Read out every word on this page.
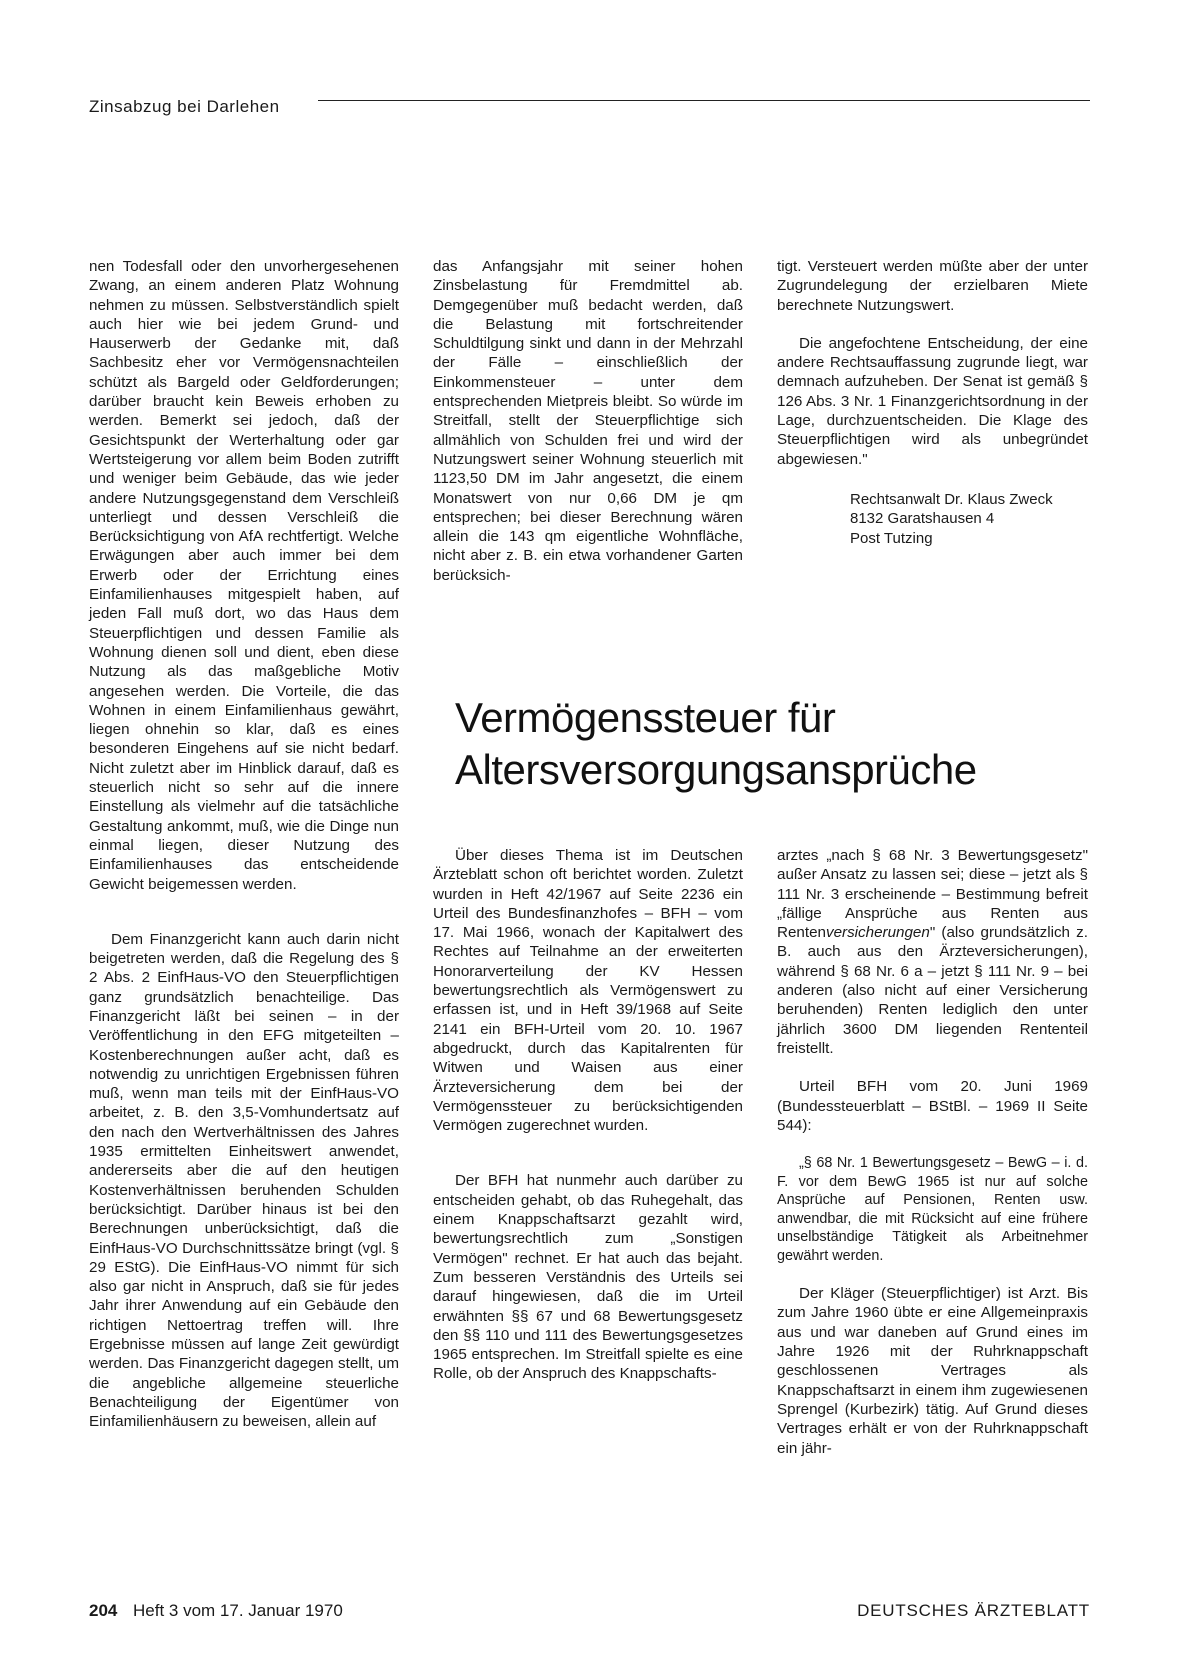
Zinsabzug bei Darlehen

nen Todesfall oder den unvorhergesehenen Zwang, an einem anderen Platz Wohnung nehmen zu müssen. Selbstverständlich spielt auch hier wie bei jedem Grund- und Hauserwerb der Gedanke mit, daß Sachbesitz eher vor Vermögensnachteilen schützt als Bargeld oder Geldforderungen; darüber braucht kein Beweis erhoben zu werden. Bemerkt sei jedoch, daß der Gesichtspunkt der Werterhaltung oder gar Wertsteigerung vor allem beim Boden zutrifft und weniger beim Gebäude, das wie jeder andere Nutzungsgegenstand dem Verschleiß unterliegt und dessen Verschleiß die Berücksichtigung von AfA rechtfertigt. Welche Erwägungen aber auch immer bei dem Erwerb oder der Errichtung eines Einfamilienhauses mitgespielt haben, auf jeden Fall muß dort, wo das Haus dem Steuerpflichtigen und dessen Familie als Wohnung dienen soll und dient, eben diese Nutzung als das maßgebliche Motiv angesehen werden. Die Vorteile, die das Wohnen in einem Einfamilienhaus gewährt, liegen ohnehin so klar, daß es eines besonderen Eingehens auf sie nicht bedarf. Nicht zuletzt aber im Hinblick darauf, daß es steuerlich nicht so sehr auf die innere Einstellung als vielmehr auf die tatsächliche Gestaltung ankommt, muß, wie die Dinge nun einmal liegen, dieser Nutzung des Einfamilienhauses das entscheidende Gewicht beigemessen werden.

Dem Finanzgericht kann auch darin nicht beigetreten werden, daß die Regelung des § 2 Abs. 2 EinfHaus-VO den Steuerpflichtigen ganz grundsätzlich benachteilige. Das Finanzgericht läßt bei seinen – in der Veröffentlichung in den EFG mitgeteilten – Kostenberechnungen außer acht, daß es notwendig zu unrichtigen Ergebnissen führen muß, wenn man teils mit der EinfHaus-VO arbeitet, z. B. den 3,5-Vomhundertsatz auf den nach den Wertverhältnissen des Jahres 1935 ermittelten Einheitswert anwendet, andererseits aber die auf den heutigen Kostenverhältnissen beruhenden Schulden berücksichtigt. Darüber hinaus ist bei den Berechnungen unberücksichtigt, daß die EinfHaus-VO Durchschnittssätze bringt (vgl. § 29 EStG). Die EinfHaus-VO nimmt für sich also gar nicht in Anspruch, daß sie für jedes Jahr ihrer Anwendung auf ein Gebäude den richtigen Nettoertrag treffen will. Ihre Ergebnisse müssen auf lange Zeit gewürdigt werden. Das Finanzgericht dagegen stellt, um die angebliche allgemeine steuerliche Benachteiligung der Eigentümer von Einfamilienhäusern zu beweisen, allein auf

das Anfangsjahr mit seiner hohen Zinsbelastung für Fremdmittel ab. Demgegenüber muß bedacht werden, daß die Belastung mit fortschreitender Schuldtilgung sinkt und dann in der Mehrzahl der Fälle – einschließlich der Einkommensteuer – unter dem entsprechenden Mietpreis bleibt. So würde im Streitfall, stellt der Steuerpflichtige sich allmählich von Schulden frei und wird der Nutzungswert seiner Wohnung steuerlich mit 1123,50 DM im Jahr angesetzt, die einem Monatswert von nur 0,66 DM je qm entsprechen; bei dieser Berechnung wären allein die 143 qm eigentliche Wohnfläche, nicht aber z. B. ein etwa vorhandener Garten berücksich-

tigt. Versteuert werden müßte aber der unter Zugrundelegung der erzielbaren Miete berechnete Nutzungswert.

Die angefochtene Entscheidung, der eine andere Rechtsauffassung zugrunde liegt, war demnach aufzuheben. Der Senat ist gemäß § 126 Abs. 3 Nr. 1 Finanzgerichtsordnung in der Lage, durchzuentscheiden. Die Klage des Steuerpflichtigen wird als unbegründet abgewiesen."

Rechtsanwalt Dr. Klaus Zweck
8132 Garatshausen 4
Post Tutzing
Vermögenssteuer für
Altersversorgungsansprüche

Über dieses Thema ist im Deutschen Ärzteblatt schon oft berichtet worden. Zuletzt wurden in Heft 42/1967 auf Seite 2236 ein Urteil des Bundesfinanzhofes – BFH – vom 17. Mai 1966, wonach der Kapitalwert des Rechtes auf Teilnahme an der erweiterten Honorarverteilung der KV Hessen bewertungsrechtlich als Vermögenswert zu erfassen ist, und in Heft 39/1968 auf Seite 2141 ein BFH-Urteil vom 20. 10. 1967 abgedruckt, durch das Kapitalrenten für Witwen und Waisen aus einer Ärzteversicherung dem bei der Vermögenssteuer zu berücksichtigenden Vermögen zugerechnet wurden.

Der BFH hat nunmehr auch darüber zu entscheiden gehabt, ob das Ruhegehalt, das einem Knappschaftsarzt gezahlt wird, bewertungsrechtlich zum „Sonstigen Vermögen" rechnet. Er hat auch das bejaht. Zum besseren Verständnis des Urteils sei darauf hingewiesen, daß die im Urteil erwähnten §§ 67 und 68 Bewertungsgesetz den §§ 110 und 111 des Bewertungsgesetzes 1965 entsprechen. Im Streitfall spielte es eine Rolle, ob der Anspruch des Knappschafts-

arztes „nach § 68 Nr. 3 Bewertungsgesetz" außer Ansatz zu lassen sei; diese – jetzt als § 111 Nr. 3 erscheinende – Bestimmung befreit „fällige Ansprüche aus Renten aus Rentenversicherungen" (also grundsätzlich z. B. auch aus den Ärzteversicherungen), während § 68 Nr. 6 a – jetzt § 111 Nr. 9 – bei anderen (also nicht auf einer Versicherung beruhenden) Renten lediglich den unter jährlich 3600 DM liegenden Rententeil freistellt.

Urteil BFH vom 20. Juni 1969 (Bundessteuerblatt – BStBl. – 1969 II Seite 544):

„§ 68 Nr. 1 Bewertungsgesetz – BewG – i. d. F. vor dem BewG 1965 ist nur auf solche Ansprüche auf Pensionen, Renten usw. anwendbar, die mit Rücksicht auf eine frühere unselbständige Tätigkeit als Arbeitnehmer gewährt werden.

Der Kläger (Steuerpflichtiger) ist Arzt. Bis zum Jahre 1960 übte er eine Allgemeinpraxis aus und war daneben auf Grund eines im Jahre 1926 mit der Ruhrknappschaft geschlossenen Vertrages als Knappschaftsarzt in einem ihm zugewiesenen Sprengel (Kurbezirk) tätig. Auf Grund dieses Vertrages erhält er von der Ruhrknappschaft ein jähr-

204 Heft 3 vom 17. Januar 1970	DEUTSCHES ÄRZTEBLATT
